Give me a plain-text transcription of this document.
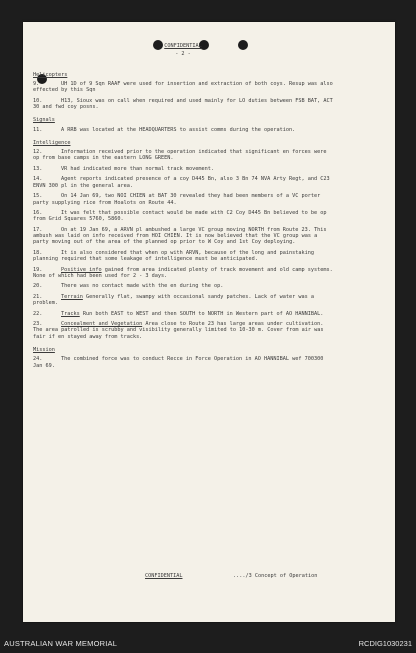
CONFIDENTIAL
- 2 -
Helicopters
9.	UH 1D of 9 Sqn RAAF were used for insertion and extraction of both coys. Resup was also effected by this Sqn
10.	H13, Sioux was on call when required and used mainly for LO duties between FSB BAT, ACT 30 and fwd coy posns.
Signals
11.	A RRB was located at the HEADQUARTERS to assist comms during the operation.
Intelligence
12.	Information received prior to the operation indicated that significant en forces were op from base camps in the eastern LONG GREEN.
13.	VR had indicated more than normal track movement.
14.	Agent reports indicated presence of a coy D445 Bn, also 3 Bn 74 NVA Arty Regt, and C23 ENVN 300 pl in the general area.
15.	On 14 Jan 69, two NOI CHIEN at BAT 30 revealed they had been members of a VC porter party supplying rice from Hoalots on Route 44.
16.	It was felt that possible contact would be made with C2 Coy D445 Bn believed to be op from Grid Squares 5760, 5860.
17.	On at 19 Jan 69, a ARVN pl ambushed a large VC group moving NORTH from Route 23. This ambush was laid on info received from HOI CHIEN. It is now believed that the VC group was a party moving out of the area of the planned op prior to W Coy and 1st Coy deploying.
18.	It is also considered that when op with ARVN, because of the long and painstaking planning required that some leakage of intelligence must be anticipated.
19.	Positive info gained from area indicated plenty of track movement and old camp systems. None of which had been used for 2 - 3 days.
20.	There was no contact made with the en during the op.
21.	Terrain Generally flat, swampy with occasional sandy patches. Lack of water was a problem.
22.	Tracks Run both EAST to WEST and then SOUTH to NORTH in Western part of AO HANNIBAL.
23.	Concealment and Vegetation Area close to Route 23 has large areas under cultivation. The area patrolled is scrubby and visibility generally limited to 10-30 m. Cover from air was fair if en stayed away from tracks.
Mission
24.	The combined force was to conduct Recce in Force Operation in AO HANNIBAL wef 700300 Jan 69.
CONFIDENTIAL	..../3 Concept of Operation
AUSTRALIAN WAR MEMORIAL	RCDIG1030231
